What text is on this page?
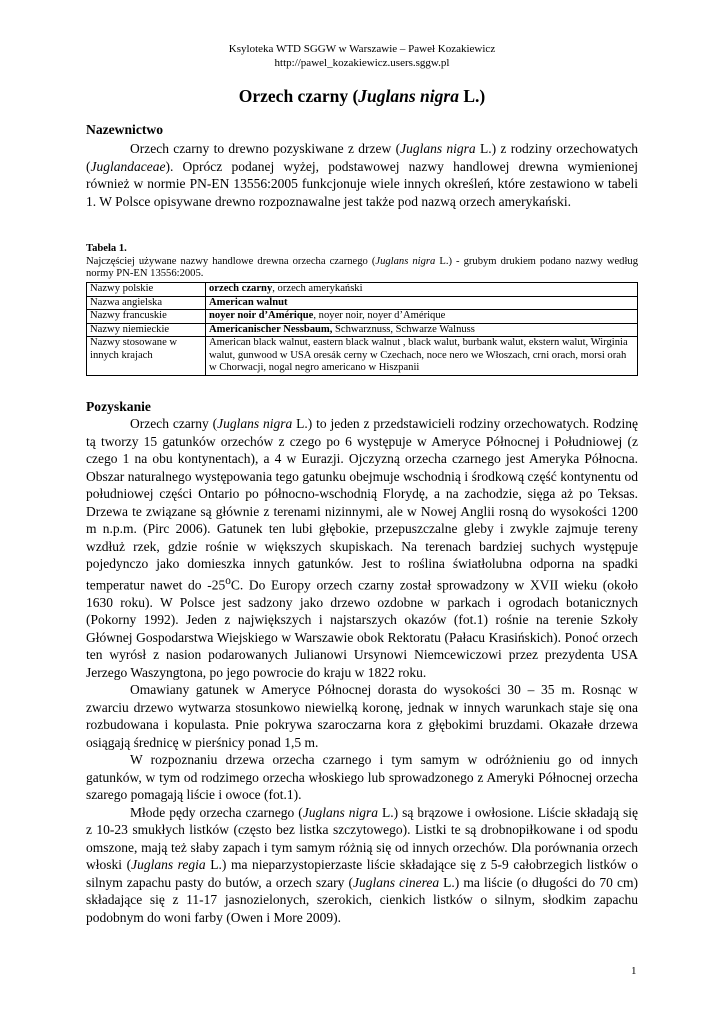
Ksyloteka WTD SGGW w Warszawie – Paweł Kozakiewicz
http://pawel_kozakiewicz.users.sggw.pl
Orzech czarny (Juglans nigra L.)
Nazewnictwo

Orzech czarny to drewno pozyskiwane z drzew (Juglans nigra L.) z rodziny orzechowatych (Juglandaceae). Oprócz podanej wyżej, podstawowej nazwy handlowej drewna wymienionej również w normie PN-EN 13556:2005 funkcjonuje wiele innych określeń, które zestawiono w tabeli 1. W Polsce opisywane drewno rozpoznawalne jest także pod nazwą orzech amerykański.

Tabela 1.
Najczęściej używane nazwy handlowe drewna orzecha czarnego (Juglans nigra L.) - grubym drukiem podano nazwy według normy PN-EN 13556:2005.
Nazwy polskie	orzech czarny, orzech amerykański
Nazwa angielska	American walnut
Nazwy francuskie	noyer noir d’Amérique, noyer noir, noyer d’Amérique
Nazwy niemieckie	Americanischer Nessbaum, Schwarznuss, Schwarze Walnuss
Nazwy stosowane w innych krajach	American black walnut, eastern black walnut , black walut, burbank walut, ekstern walut, Wirginia walut, gunwood w USA oresák cerny w Czechach, noce nero we Włoszach, crni orach, morsi orah w Chorwacji, nogal negro americano w Hiszpanii
Pozyskanie

Orzech czarny (Juglans nigra L.) to jeden z przedstawicieli rodziny orzechowatych. Rodzinę tą tworzy 15 gatunków orzechów z czego po 6 występuje w Ameryce Północnej i Południowej (z czego 1 na obu kontynentach), a 4 w Eurazji. Ojczyzną orzecha czarnego jest Ameryka Północna. Obszar naturalnego występowania tego gatunku obejmuje wschodnią i środkową część kontynentu od południowej części Ontario po północno-wschodnią Florydę, a na zachodzie, sięga aż po Teksas. Drzewa te związane są głównie z terenami nizinnymi, ale w Nowej Anglii rosną do wysokości 1200 m n.p.m. (Pirc 2006). Gatunek ten lubi głębokie, przepuszczalne gleby i zwykle zajmuje tereny wzdłuż rzek, gdzie rośnie w większych skupiskach. Na terenach bardziej suchych występuje pojedynczo jako domieszka innych gatunków. Jest to roślina światłolubna odporna na spadki temperatur nawet do -25$^o$C. Do Europy orzech czarny został sprowadzony w XVII wieku (około 1630 roku). W Polsce jest sadzony jako drzewo ozdobne w parkach i ogrodach botanicznych (Pokorny 1992). Jeden z największych i najstarszych okazów (fot.1) rośnie na terenie Szkoły Głównej Gospodarstwa Wiejskiego w Warszawie obok Rektoratu (Pałacu Krasińskich). Ponoć orzech ten wyrósł z nasion podarowanych Julianowi Ursynowi Niemcewiczowi przez prezydenta USA Jerzego Waszyngtona, po jego powrocie do kraju w 1822 roku.

Omawiany gatunek w Ameryce Północnej dorasta do wysokości 30 – 35 m. Rosnąc w zwarciu drzewo wytwarza stosunkowo niewielką koronę, jednak w innych warunkach staje się ona rozbudowana i kopulasta. Pnie pokrywa szaroczarna kora z głębokimi bruzdami. Okazałe drzewa osiągają średnicę w pierśnicy ponad 1,5 m.

W rozpoznaniu drzewa orzecha czarnego i tym samym w odróżnieniu go od innych gatunków, w tym od rodzimego orzecha włoskiego lub sprowadzonego z Ameryki Północnej orzecha szarego pomagają liście i owoce (fot.1).

Młode pędy orzecha czarnego (Juglans nigra L.) są brązowe i owłosione. Liście składają się z 10-23 smukłych listków (często bez listka szczytowego). Listki te są drobnopiłkowane i od spodu omszone, mają też słaby zapach i tym samym różnią się od innych orzechów. Dla porównania orzech włoski (Juglans regia L.) ma nieparzystopierzaste liście składające się z 5-9 całobrzegich listków o silnym zapachu pasty do butów, a orzech szary (Juglans cinerea L.) ma liście (o długości do 70 cm) składające się z 11-17 jasnozielonych, szerokich, cienkich listków o silnym, słodkim zapachu podobnym do woni farby (Owen i More 2009).

1
